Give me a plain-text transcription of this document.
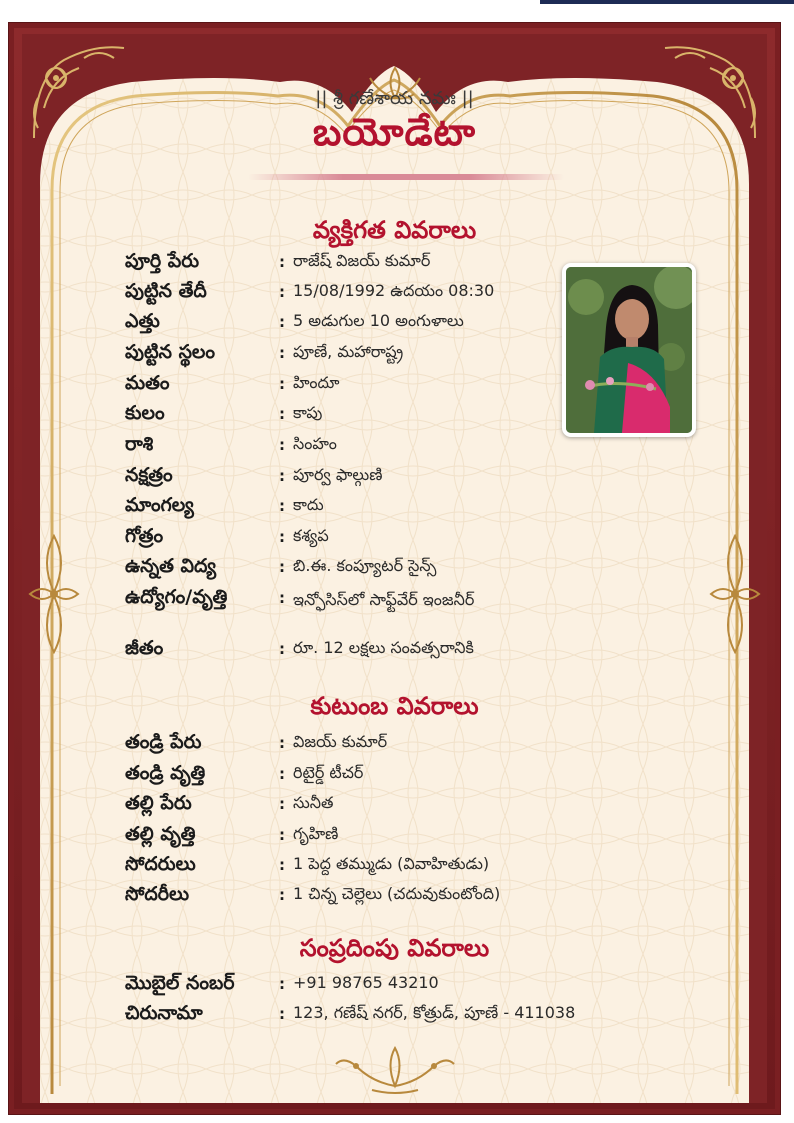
|| శ్రీ గణేశాయ నమః ||
బయోడేటా
వ్యక్తిగత వివరాలు
పూర్తి పేరు	: రాజేష్ విజయ్ కుమార్
పుట్టిన తేదీ	: 15/08/1992 ఉదయం 08:30
ఎత్తు	: 5 అడుగుల 10 అంగుళాలు
పుట్టిన స్థలం	: పూణే, మహారాష్ట్ర
మతం	: హిందూ
కులం	: కాపు
రాశి	: సింహం
నక్షత్రం	: పూర్వ ఫాల్గుణి
మాంగల్య	: కాదు
గోత్రం	: కశ్యప
ఉన్నత విద్య	: బి.ఈ. కంప్యూటర్ సైన్స్
ఉద్యోగం/వృత్తి	: ఇన్ఫోసిస్‌లో సాఫ్ట్‌వేర్ ఇంజనీర్
జీతం	: రూ. 12 లక్షలు సంవత్సరానికి
కుటుంబ వివరాలు
తండ్రి పేరు	: విజయ్ కుమార్
తండ్రి వృత్తి	: రిటైర్డ్ టీచర్
తల్లి పేరు	: సునీత
తల్లి వృత్తి	: గృహిణి
సోదరులు	: 1 పెద్ద తమ్ముడు (వివాహితుడు)
సోదరీలు	: 1 చిన్న చెల్లెలు (చదువుకుంటోంది)
సంప్రదింపు వివరాలు
మొబైల్ నంబర్	: +91 98765 43210
చిరునామా	: 123, గణేష్ నగర్, కోత్రుడ్, పూణే - 411038
